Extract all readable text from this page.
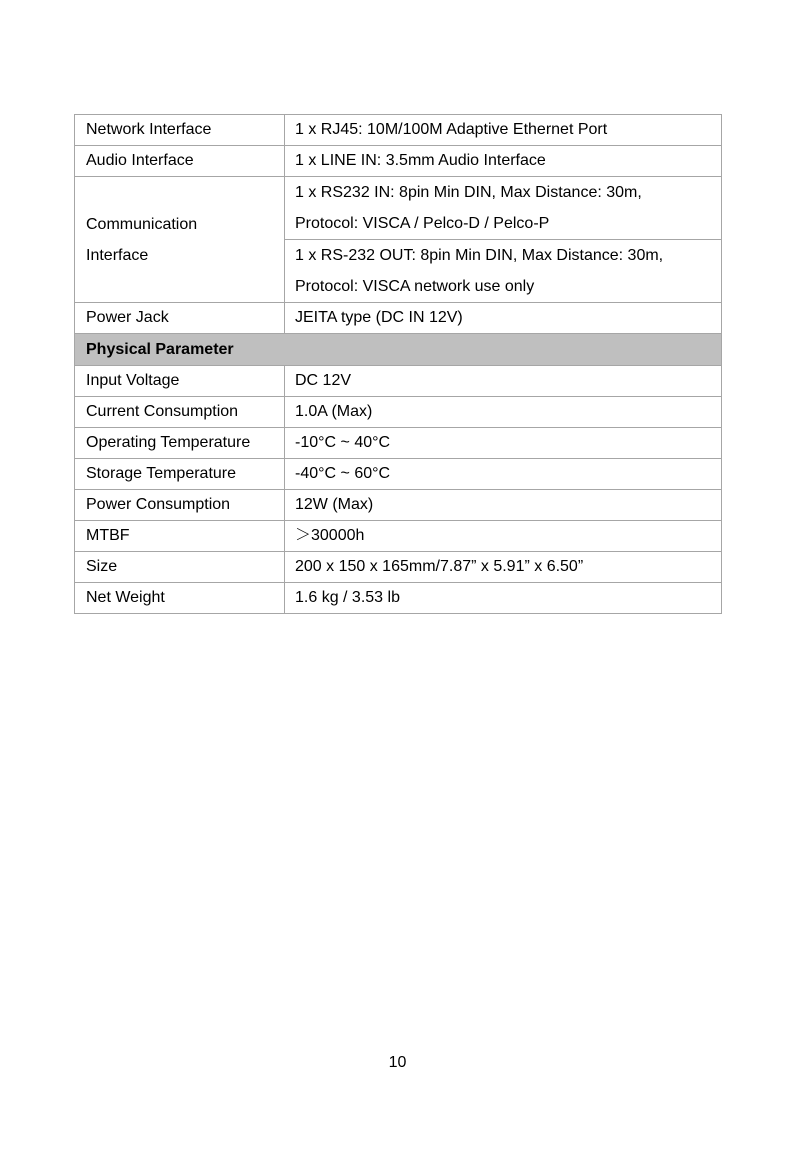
Network Interface	1 x RJ45: 10M/100M Adaptive Ethernet Port
Audio Interface	1 x LINE IN: 3.5mm Audio Interface

Communication
Interface	1 x RS232 IN: 8pin Min DIN, Max Distance: 30m,
Protocol: VISCA / Pelco-D / Pelco-P

	1 x RS-232 OUT: 8pin Min DIN, Max Distance: 30m,
Protocol: VISCA network use only

Power Jack	JEITA type (DC IN 12V)
Physical Parameter	
Input Voltage	DC 12V
Current Consumption	1.0A (Max)
Operating Temperature	-10°C ~ 40°C
Storage Temperature	-40°C ~ 60°C
Power Consumption	12W (Max)
MTBF	＞30000h
Size	200 x 150 x 165mm/7.87” x 5.91” x 6.50”
Net Weight	1.6 kg / 3.53 lb
10
